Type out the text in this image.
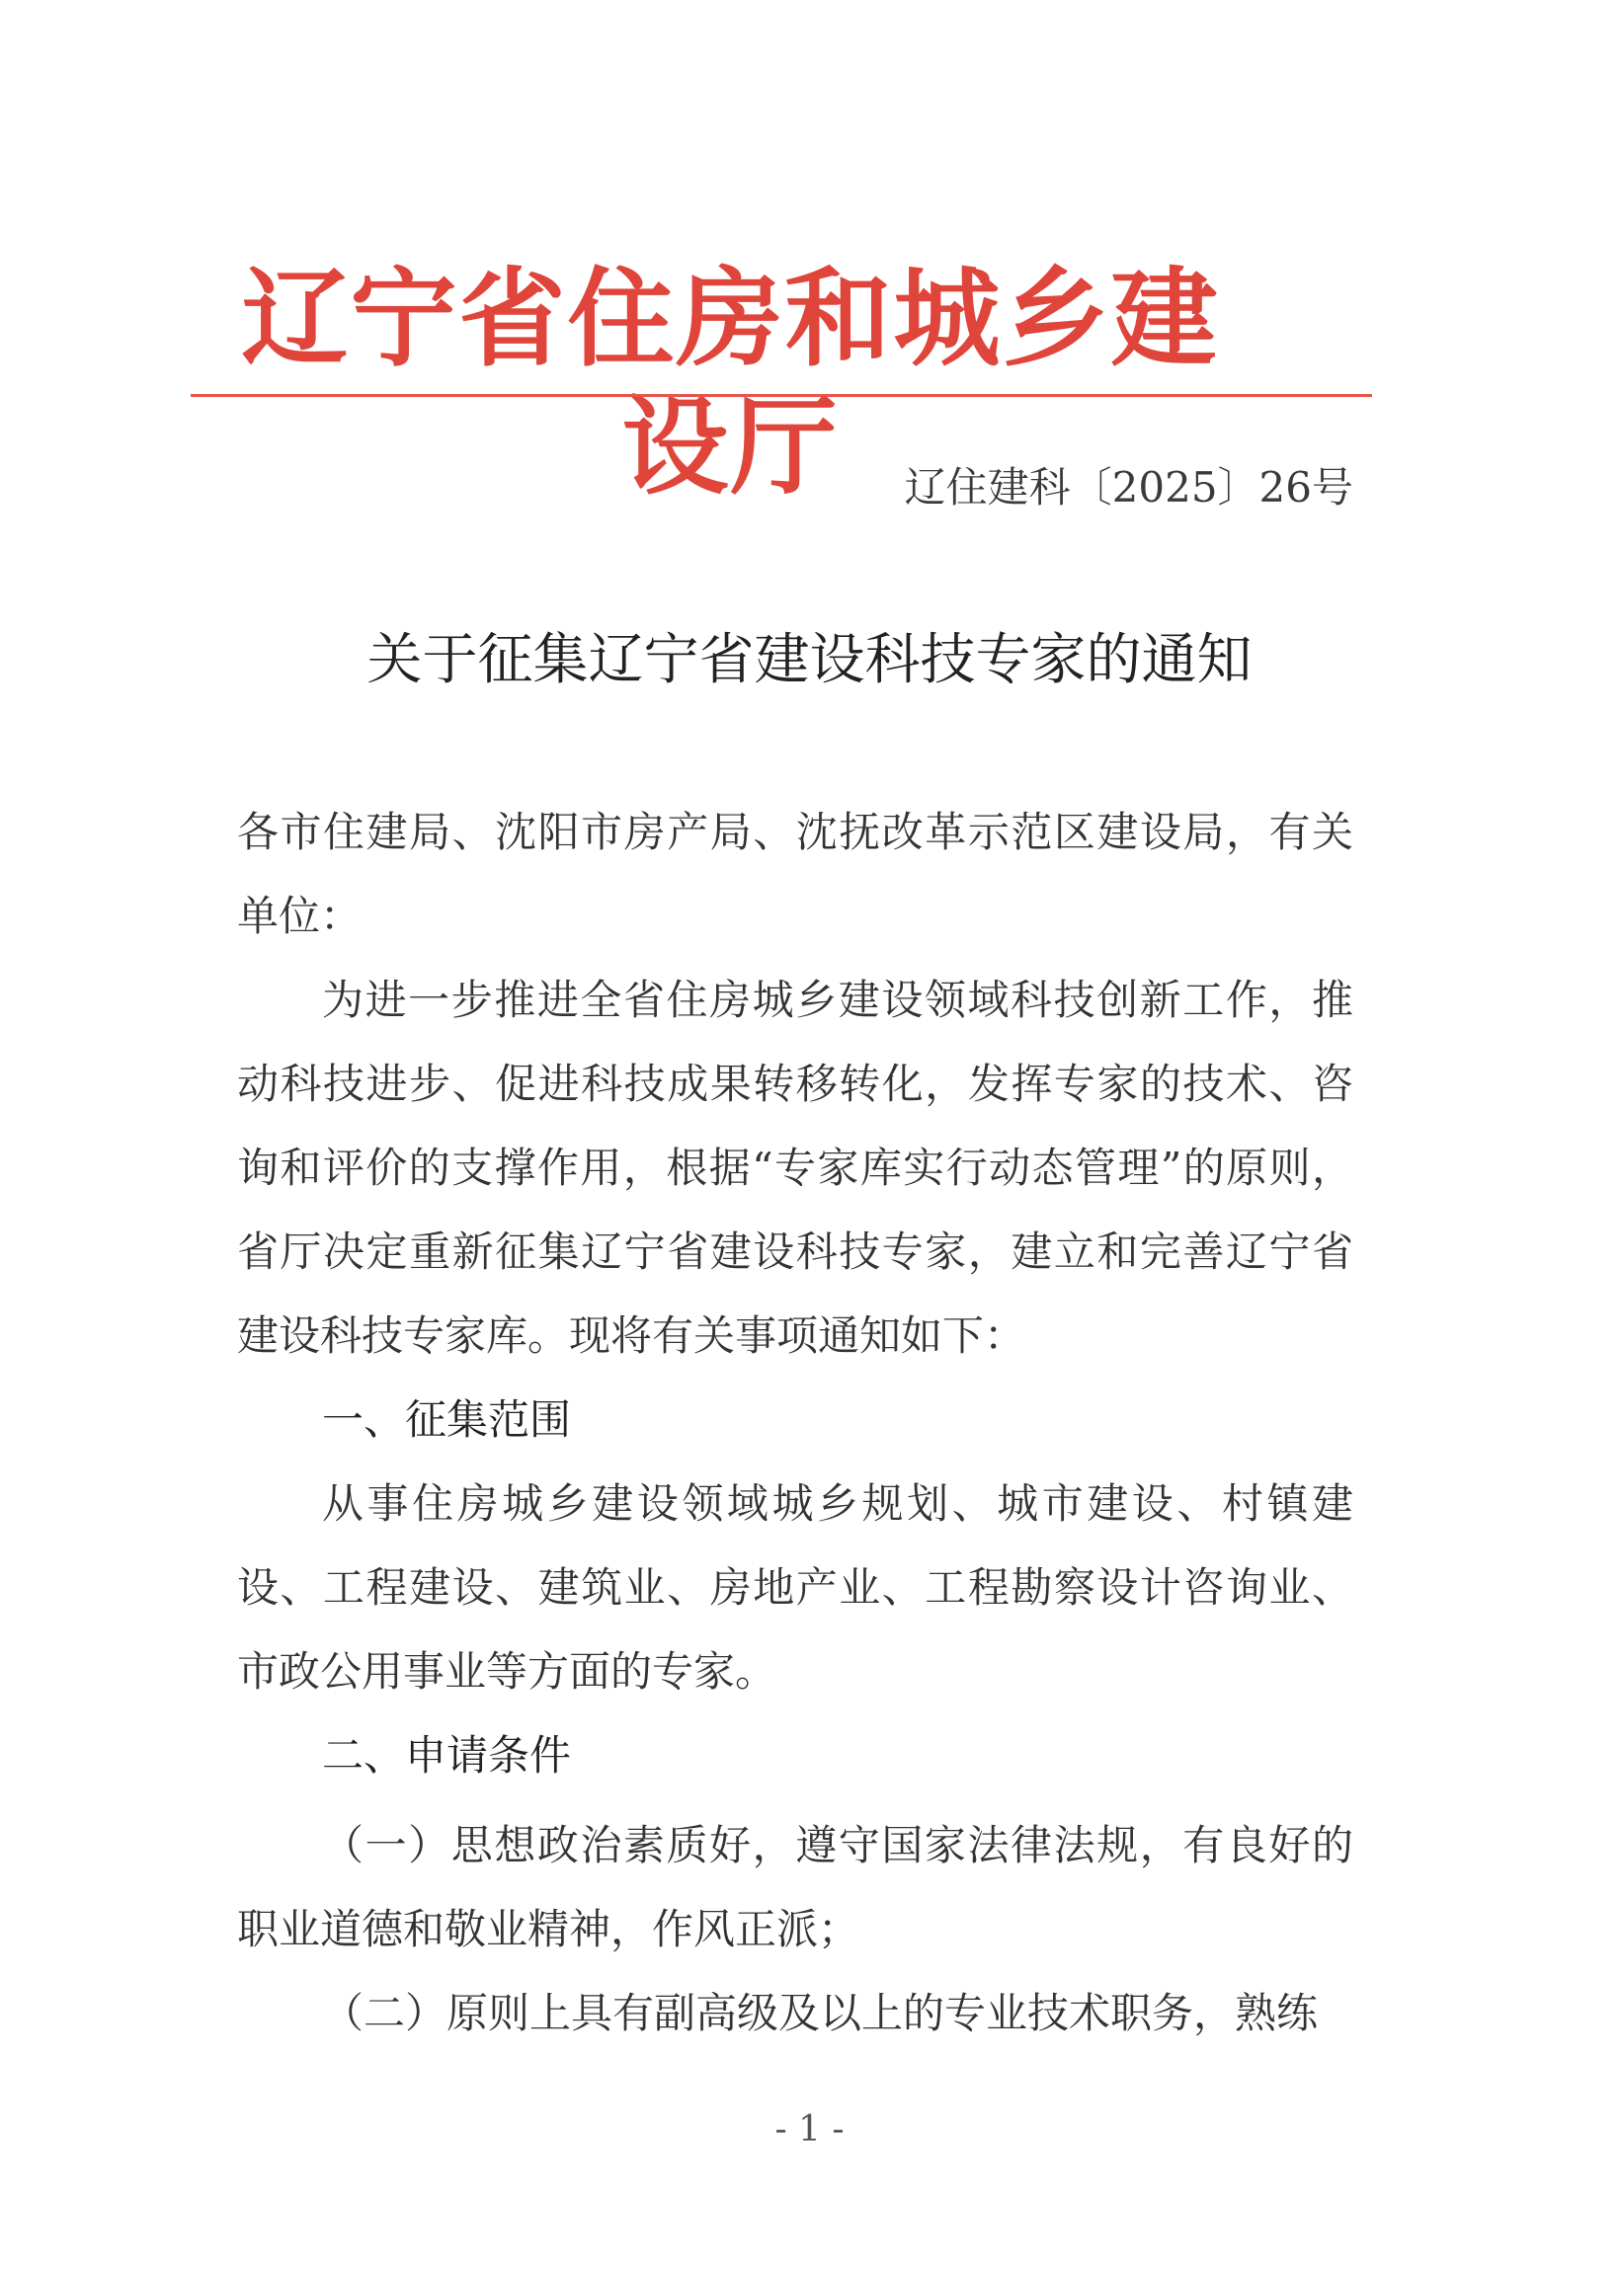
辽宁省住房和城乡建设厅	辽住建科〔2025〕26号
关于征集辽宁省建设科技专家的通知

各市住建局、沈阳市房产局、沈抚改革示范区建设局，有关单位：

为进一步推进全省住房城乡建设领域科技创新工作，推动科技进步、促进科技成果转移转化，发挥专家的技术、咨询和评价的支撑作用，根据“专家库实行动态管理”的原则，省厅决定重新征集辽宁省建设科技专家，建立和完善辽宁省建设科技专家库。现将有关事项通知如下：

一、征集范围

从事住房城乡建设领域城乡规划、城市建设、村镇建设、工程建设、建筑业、房地产业、工程勘察设计咨询业、市政公用事业等方面的专家。

二、申请条件

（一）思想政治素质好，遵守国家法律法规，有良好的职业道德和敬业精神，作风正派；

（二）原则上具有副高级及以上的专业技术职务，熟练

- 1 -
